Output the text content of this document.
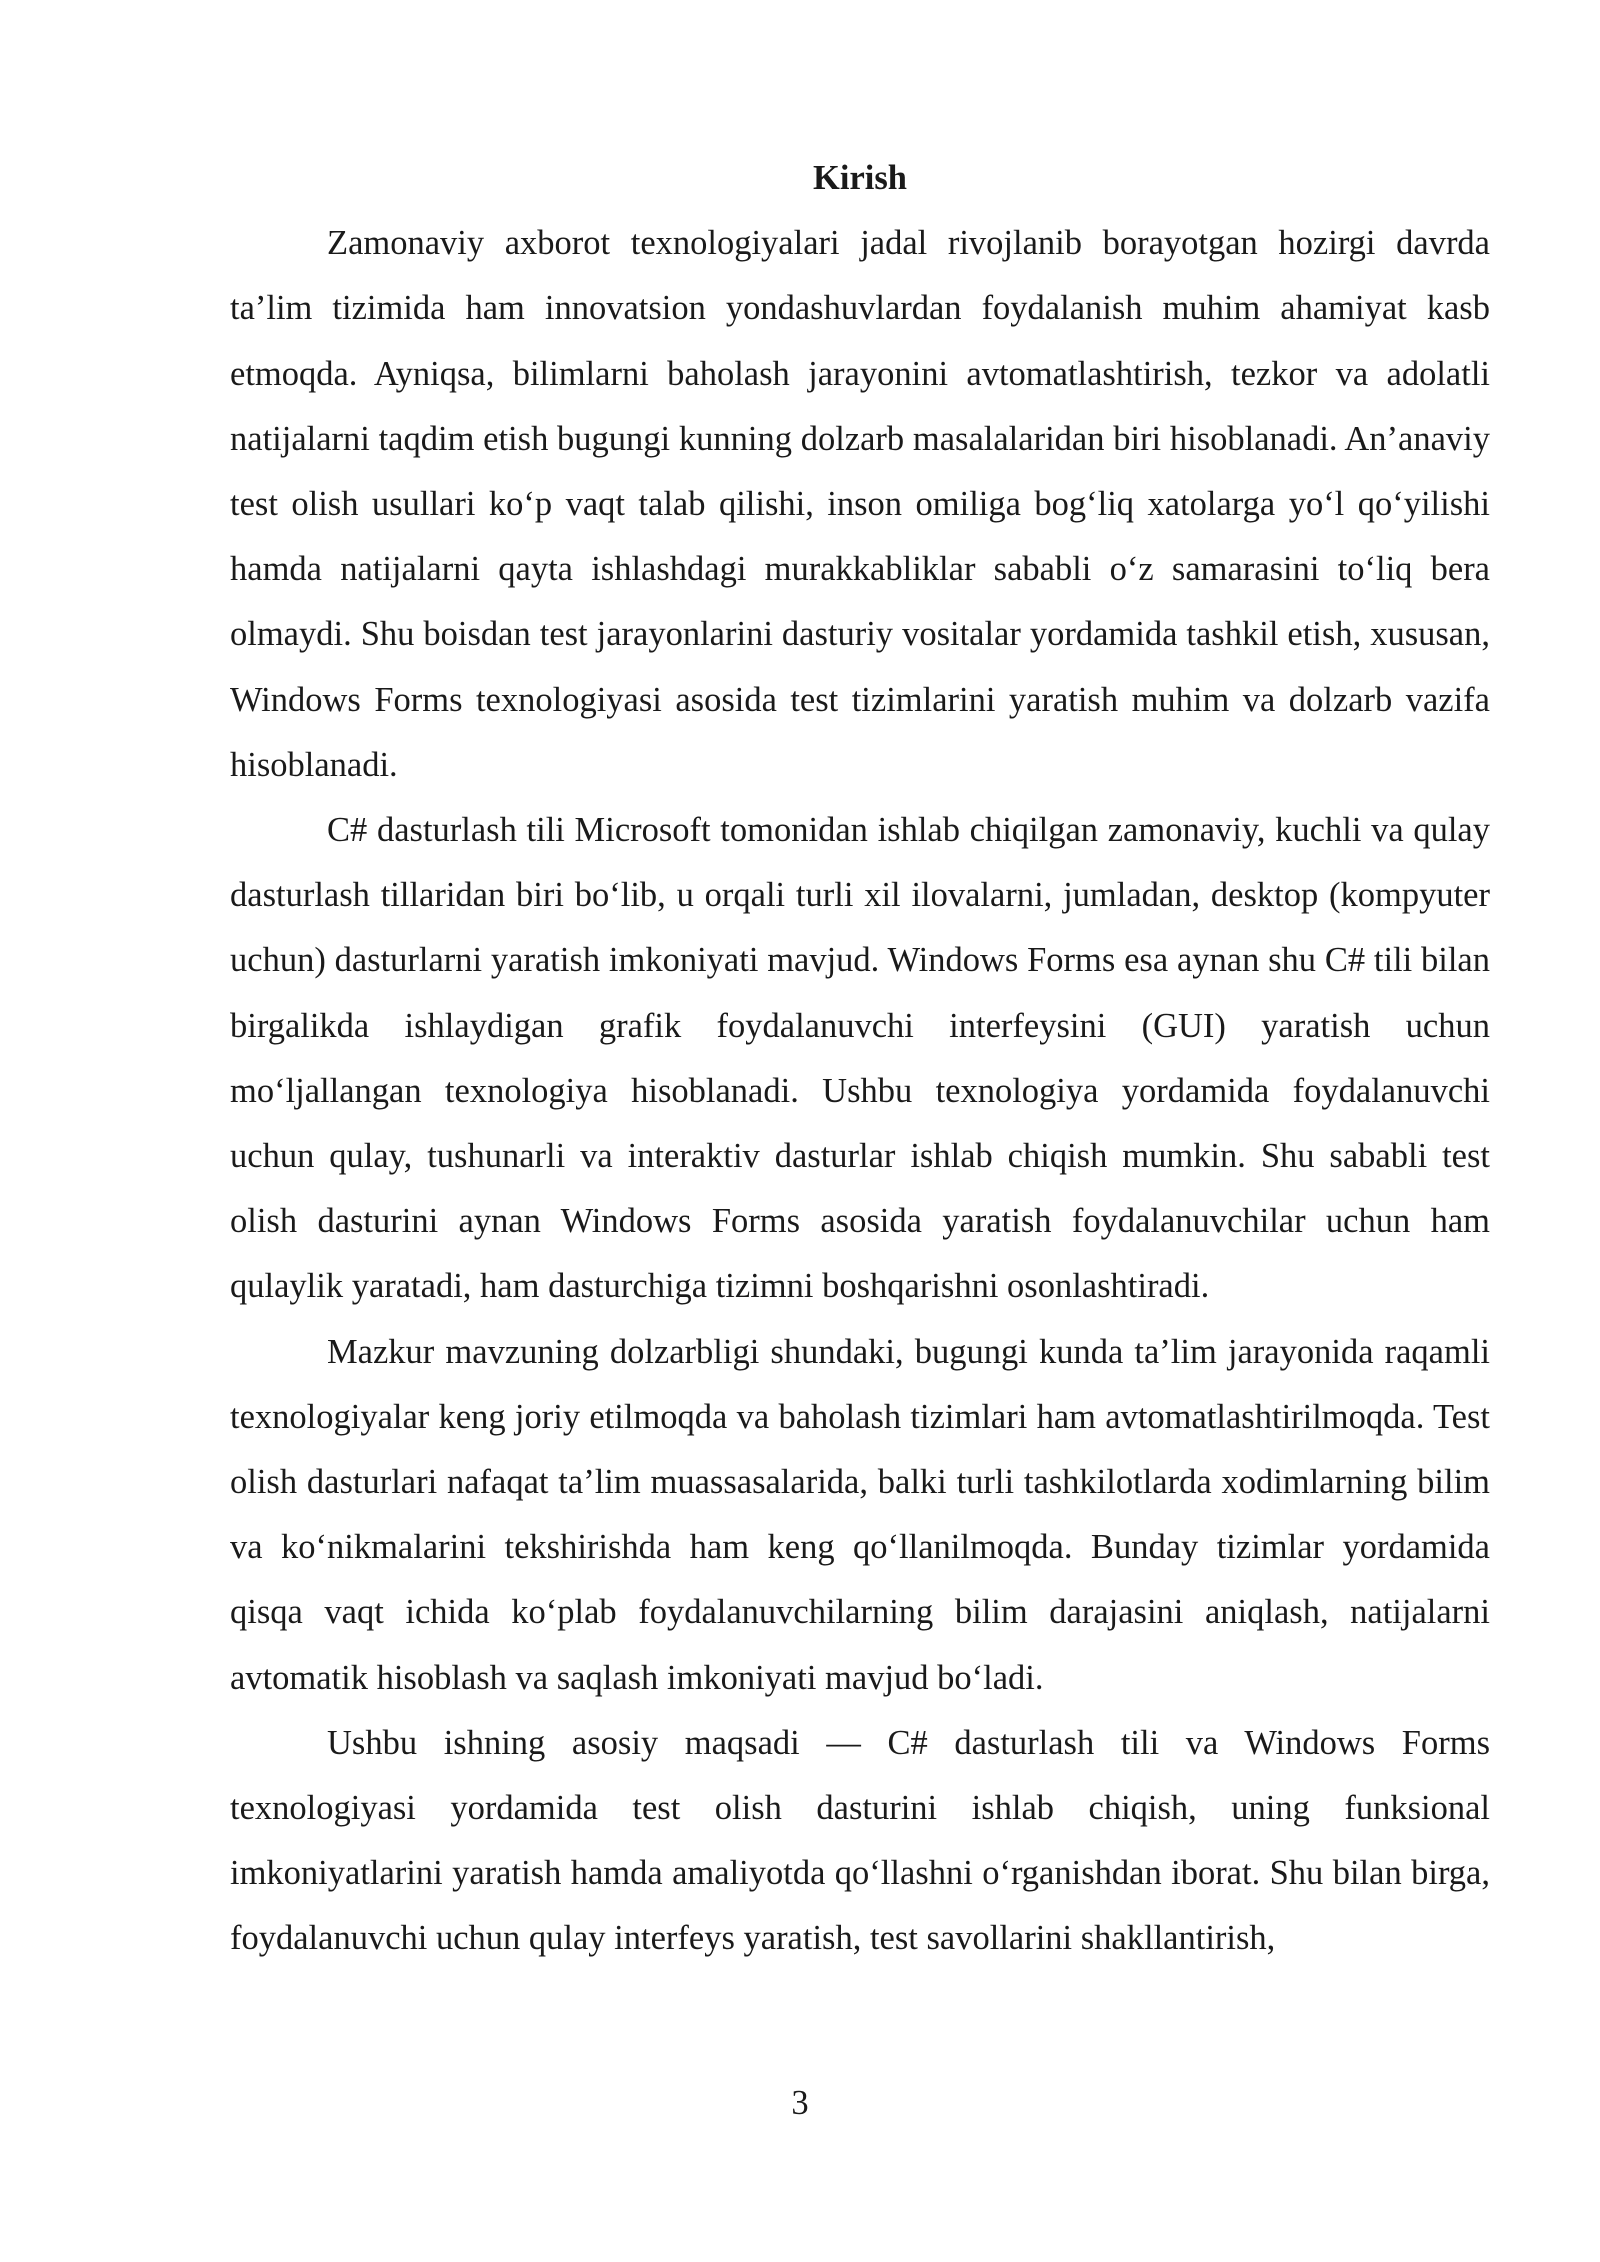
Kirish

Zamonaviy axborot texnologiyalari jadal rivojlanib borayotgan hozirgi davrda ta’lim tizimida ham innovatsion yondashuvlardan foydalanish muhim ahamiyat kasb etmoqda. Ayniqsa, bilimlarni baholash jarayonini avtomatlashtirish, tezkor va adolatli natijalarni taqdim etish bugungi kunning dolzarb masalalaridan biri hisoblanadi. An’anaviy test olish usullari ko‘p vaqt talab qilishi, inson omiliga bog‘liq xatolarga yo‘l qo‘yilishi hamda natijalarni qayta ishlashdagi murakkabliklar sababli o‘z samarasini to‘liq bera olmaydi. Shu boisdan test jarayonlarini dasturiy vositalar yordamida tashkil etish, xususan, Windows Forms texnologiyasi asosida test tizimlarini yaratish muhim va dolzarb vazifa hisoblanadi.

C# dasturlash tili Microsoft tomonidan ishlab chiqilgan zamonaviy, kuchli va qulay dasturlash tillaridan biri bo‘lib, u orqali turli xil ilovalarni, jumladan, desktop (kompyuter uchun) dasturlarni yaratish imkoniyati mavjud. Windows Forms esa aynan shu C# tili bilan birgalikda ishlaydigan grafik foydalanuvchi interfeysini (GUI) yaratish uchun mo‘ljallangan texnologiya hisoblanadi. Ushbu texnologiya yordamida foydalanuvchi uchun qulay, tushunarli va interaktiv dasturlar ishlab chiqish mumkin. Shu sababli test olish dasturini aynan Windows Forms asosida yaratish foydalanuvchilar uchun ham qulaylik yaratadi, ham dasturchiga tizimni boshqarishni osonlashtiradi.

Mazkur mavzuning dolzarbligi shundaki, bugungi kunda ta’lim jarayonida raqamli texnologiyalar keng joriy etilmoqda va baholash tizimlari ham avtomatlashtirilmoqda. Test olish dasturlari nafaqat ta’lim muassasalarida, balki turli tashkilotlarda xodimlarning bilim va ko‘nikmalarini tekshirishda ham keng qo‘llanilmoqda. Bunday tizimlar yordamida qisqa vaqt ichida ko‘plab foydalanuvchilarning bilim darajasini aniqlash, natijalarni avtomatik hisoblash va saqlash imkoniyati mavjud bo‘ladi.

Ushbu ishning asosiy maqsadi — C# dasturlash tili va Windows Forms texnologiyasi yordamida test olish dasturini ishlab chiqish, uning funksional imkoniyatlarini yaratish hamda amaliyotda qo‘llashni o‘rganishdan iborat. Shu bilan birga, foydalanuvchi uchun qulay interfeys yaratish, test savollarini shakllantirish,

3
